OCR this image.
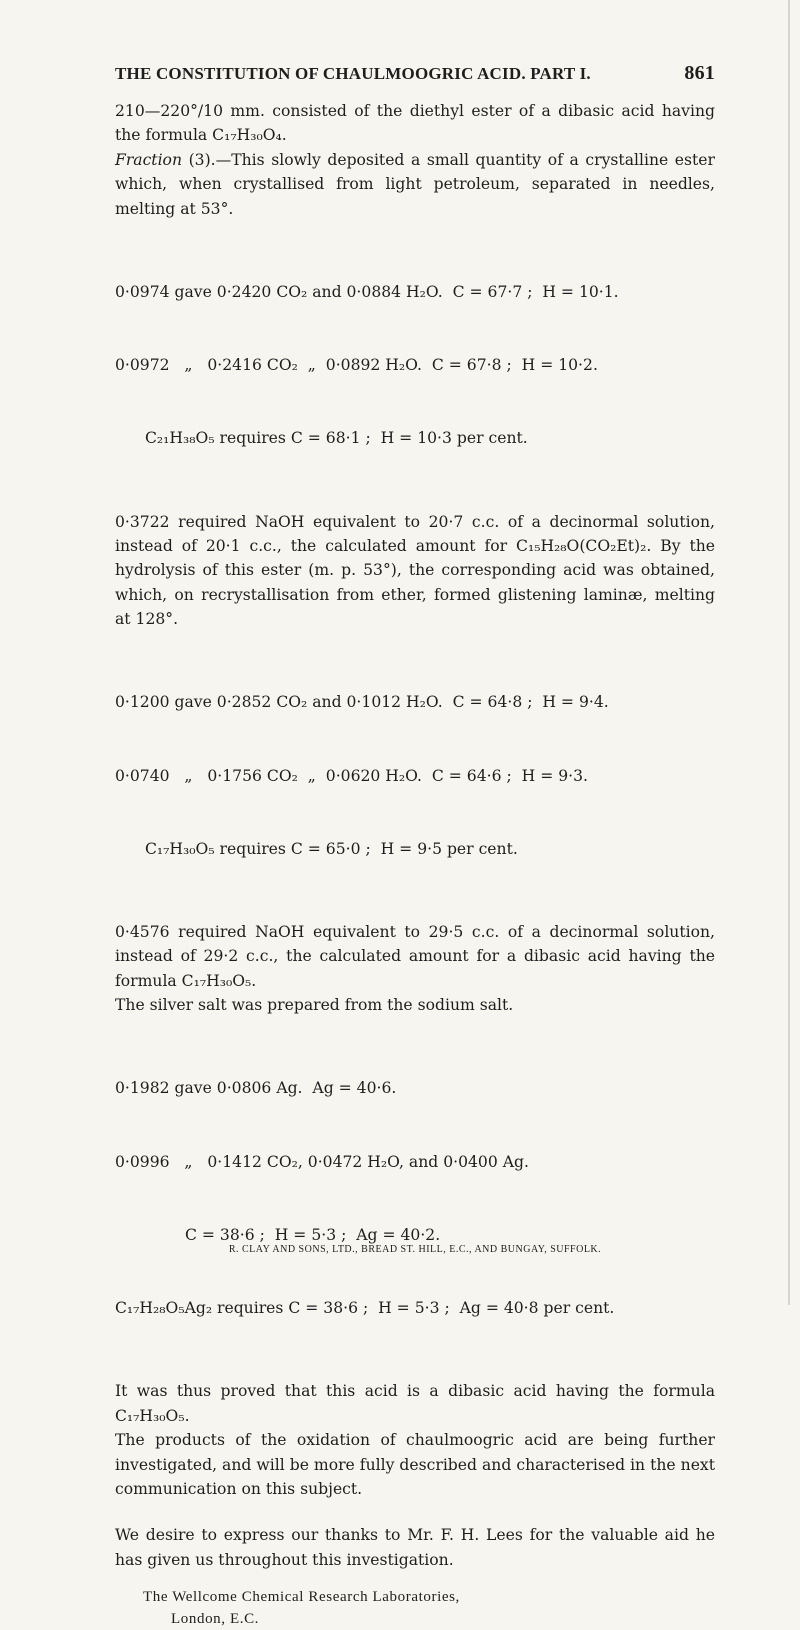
THE CONSTITUTION OF CHAULMOOGRIC ACID. PART I.	861

210—220°/10 mm. consisted of the diethyl ester of a dibasic acid having the formula C₁₇H₃₀O₄.

Fraction (3).—This slowly deposited a small quantity of a crystalline ester which, when crystallised from light petroleum, separated in needles, melting at 53°.

0·0974 gave 0·2420 CO₂ and 0·0884 H₂O.  C = 67·7 ;  H = 10·1.

0·0972   „   0·2416 CO₂  „  0·0892 H₂O.  C = 67·8 ;  H = 10·2.

C₂₁H₃₈O₅ requires C = 68·1 ;  H = 10·3 per cent.

0·3722 required NaOH equivalent to 20·7 c.c. of a decinormal solution, instead of 20·1 c.c., the calculated amount for C₁₅H₂₈O(CO₂Et)₂. By the hydrolysis of this ester (m. p. 53°), the corresponding acid was obtained, which, on recrystallisation from ether, formed glistening laminæ, melting at 128°.

0·1200 gave 0·2852 CO₂ and 0·1012 H₂O.  C = 64·8 ;  H = 9·4.

0·0740   „   0·1756 CO₂  „  0·0620 H₂O.  C = 64·6 ;  H = 9·3.

C₁₇H₃₀O₅ requires C = 65·0 ;  H = 9·5 per cent.

0·4576 required NaOH equivalent to 29·5 c.c. of a decinormal solution, instead of 29·2 c.c., the calculated amount for a dibasic acid having the formula C₁₇H₃₀O₅.

The silver salt was prepared from the sodium salt.

0·1982 gave 0·0806 Ag.  Ag = 40·6.

0·0996   „   0·1412 CO₂, 0·0472 H₂O, and 0·0400 Ag.

C = 38·6 ;  H = 5·3 ;  Ag = 40·2.

C₁₇H₂₈O₅Ag₂ requires C = 38·6 ;  H = 5·3 ;  Ag = 40·8 per cent.

It was thus proved that this acid is a dibasic acid having the formula C₁₇H₃₀O₅.

The products of the oxidation of chaulmoogric acid are being further investigated, and will be more fully described and characterised in the next communication on this subject.

We desire to express our thanks to Mr. F. H. Lees for the valuable aid he has given us throughout this investigation.

The Wellcome Chemical Research Laboratories,
London, E.C.
R. CLAY AND SONS, LTD., BREAD ST. HILL, E.C., AND BUNGAY, SUFFOLK.
